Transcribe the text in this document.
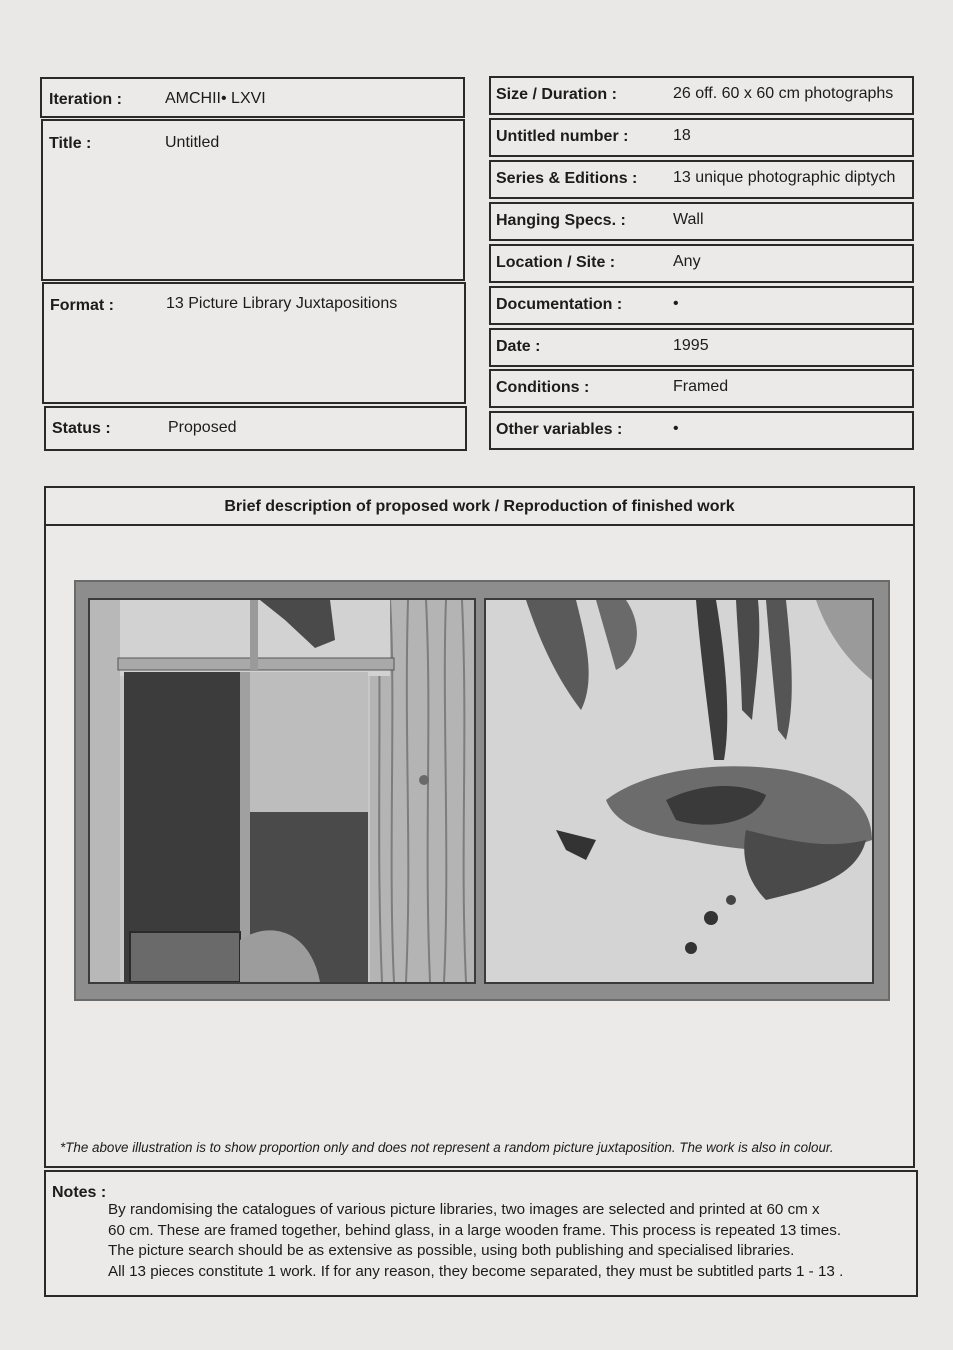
Iteration :	AMCHII• LXVI
Title :	Untitled
Format :	13 Picture Library Juxtapositions
Status :	Proposed
Size / Duration :	26 off. 60 x 60 cm photographs
Untitled number :	18
Series & Editions : 13 unique photographic diptych
Hanging Specs. :	Wall
Location / Site :	Any
Documentation :	•
Date :	1995
Conditions :	Framed
Other variables :	•
Brief description of proposed work / Reproduction of finished work
*The above illustration is to show proportion only and does not represent a random picture juxtaposition. The work is also in colour.
Notes :
By randomising the catalogues of various picture libraries, two images are selected and printed at 60 cm x
60 cm. These are framed together, behind glass, in a large wooden frame. This process is repeated 13 times.
The picture search should be as extensive as possible, using both publishing and specialised libraries.
All 13 pieces constitute 1 work. If for any reason, they become separated, they must be subtitled parts 1 - 13 .
